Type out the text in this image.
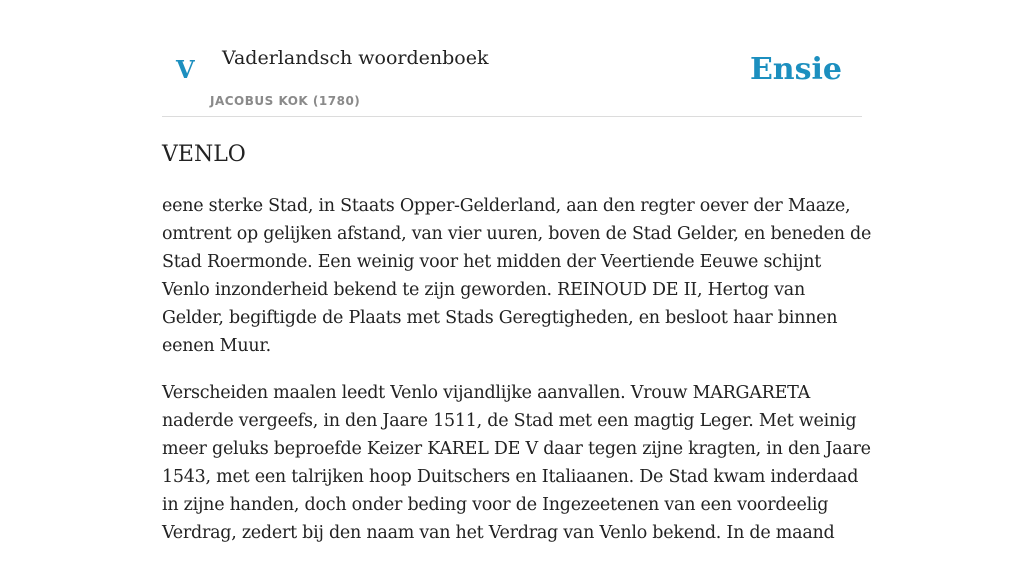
V Vaderlandsch woordenboek
JACOBUS KOK (1780)
Ensie
VENLO

eene sterke Stad, in Staats Opper-Gelderland, aan den regter oever der Maaze, omtrent op gelijken afstand, van vier uuren, boven de Stad Gelder, en beneden de Stad Roermonde. Een weinig voor het midden der Veertiende Eeuwe schijnt Venlo inzonderheid bekend te zijn geworden. REINOUD DE II, Hertog van Gelder, begiftigde de Plaats met Stads Geregtigheden, en besloot haar binnen eenen Muur.

Verscheiden maalen leedt Venlo vijandlijke aanvallen. Vrouw MARGARETA naderde vergeefs, in den Jaare 1511, de Stad met een magtig Leger. Met weinig meer geluks beproefde Keizer KAREL DE V daar tegen zijne kragten, in den Jaare 1543, met een talrijken hoop Duitschers en Italiaanen. De Stad kwam inderdaad in zijne handen, doch onder beding voor de Ingezeetenen van een voordeelig Verdrag, zedert bij den naam van het Verdrag van Venlo bekend. In de maand
